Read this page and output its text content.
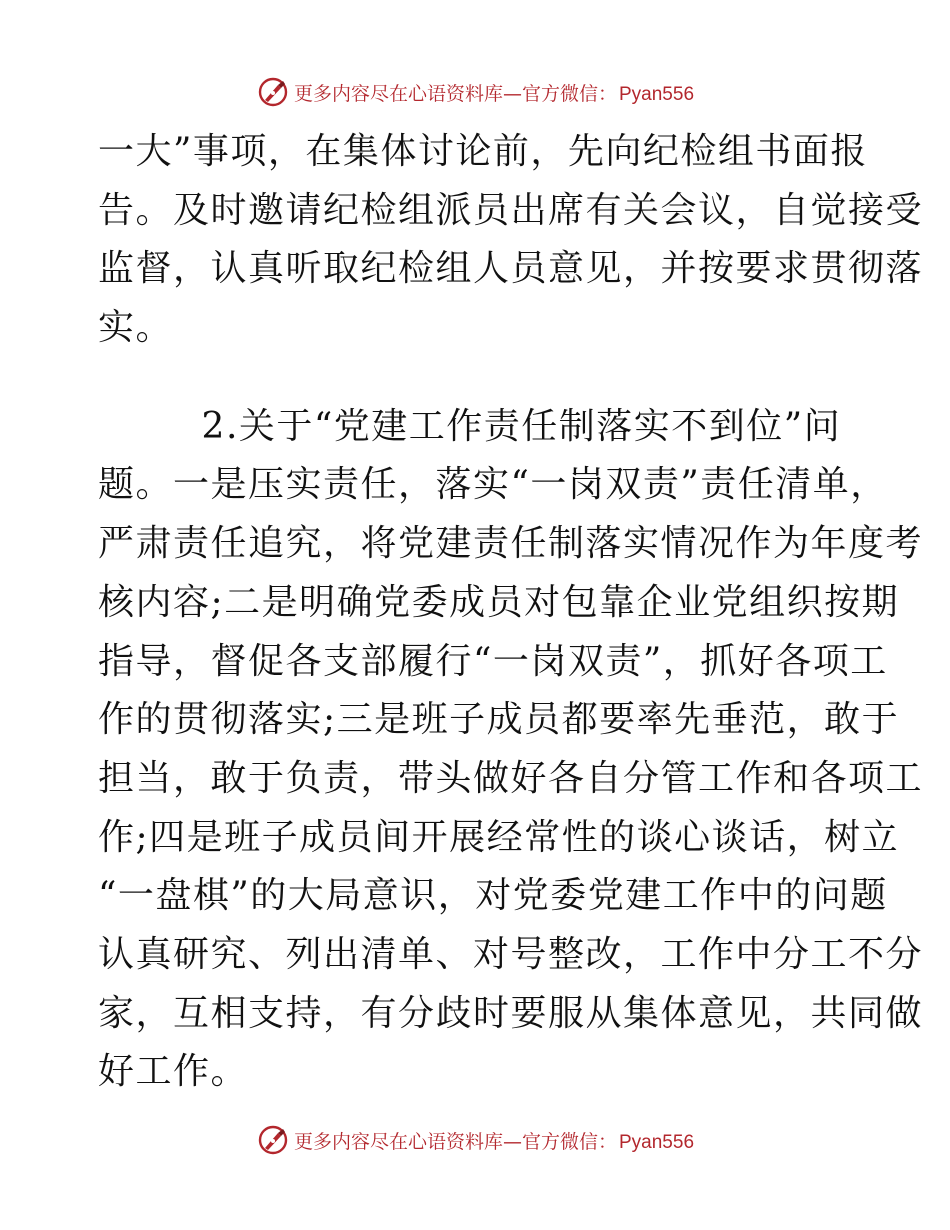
更多内容尽在心语资料库—官方微信： Pyan556
一大”事项，在集体讨论前，先向纪检组书面报
告。及时邀请纪检组派员出席有关会议，自觉接受
监督，认真听取纪检组人员意见，并按要求贯彻落
实。
2.关于“党建工作责任制落实不到位”问
题。一是压实责任，落实“一岗双责”责任清单，
严肃责任追究，将党建责任制落实情况作为年度考
核内容;二是明确党委成员对包靠企业党组织按期
指导，督促各支部履行“一岗双责”，抓好各项工
作的贯彻落实;三是班子成员都要率先垂范，敢于
担当，敢于负责，带头做好各自分管工作和各项工
作;四是班子成员间开展经常性的谈心谈话，树立
“一盘棋”的大局意识，对党委党建工作中的问题
认真研究、列出清单、对号整改，工作中分工不分
家，互相支持，有分歧时要服从集体意见，共同做
好工作。
更多内容尽在心语资料库—官方微信： Pyan556
